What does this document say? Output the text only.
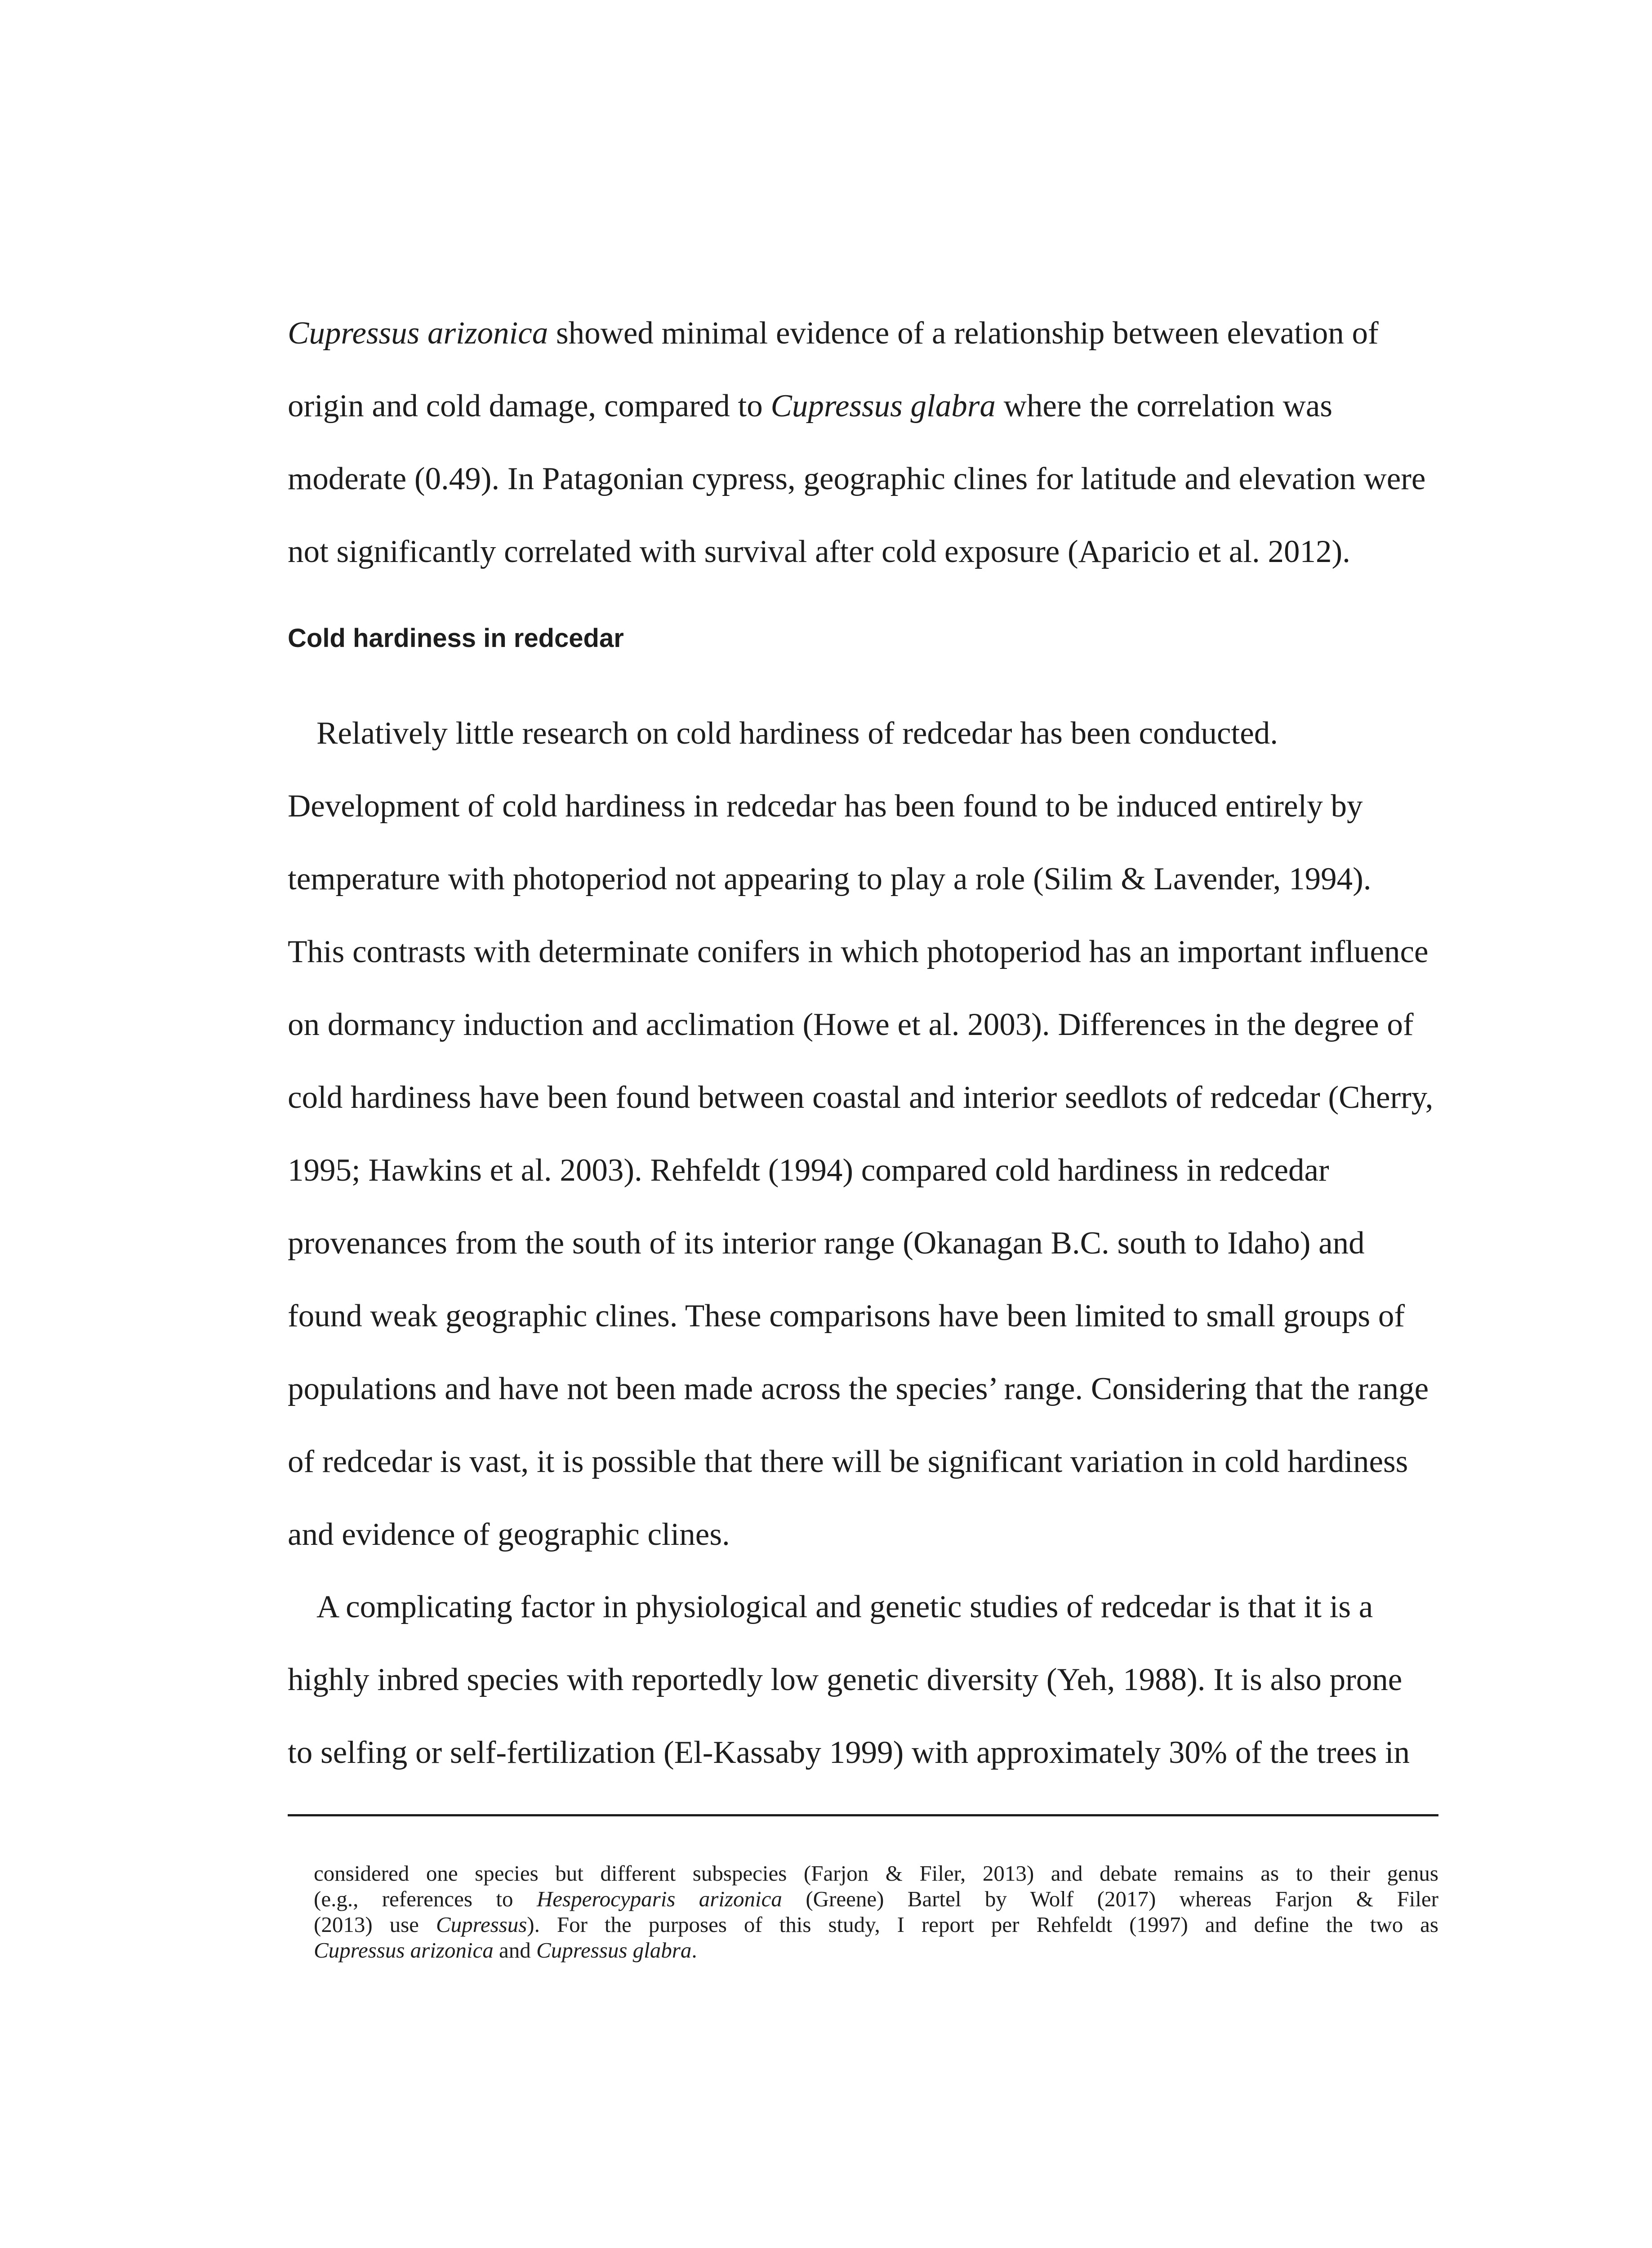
Cupressus arizonica showed minimal evidence of a relationship between elevation of
origin and cold damage, compared to Cupressus glabra where the correlation was
moderate (0.49). In Patagonian cypress, geographic clines for latitude and elevation were
not significantly correlated with survival after cold exposure (Aparicio et al. 2012).

Cold hardiness in redcedar

Relatively little research on cold hardiness of redcedar has been conducted.
Development of cold hardiness in redcedar has been found to be induced entirely by
temperature with photoperiod not appearing to play a role (Silim & Lavender, 1994).
This contrasts with determinate conifers in which photoperiod has an important influence
on dormancy induction and acclimation (Howe et al. 2003). Differences in the degree of
cold hardiness have been found between coastal and interior seedlots of redcedar (Cherry,
1995; Hawkins et al. 2003). Rehfeldt (1994) compared cold hardiness in redcedar
provenances from the south of its interior range (Okanagan B.C. south to Idaho) and
found weak geographic clines. These comparisons have been limited to small groups of
populations and have not been made across the species’ range. Considering that the range
of redcedar is vast, it is possible that there will be significant variation in cold hardiness
and evidence of geographic clines.

A complicating factor in physiological and genetic studies of redcedar is that it is a
highly inbred species with reportedly low genetic diversity (Yeh, 1988). It is also prone
to selfing or self-fertilization (El-Kassaby 1999) with approximately 30% of the trees in

considered one species but different subspecies (Farjon & Filer, 2013) and debate remains as to their genus
(e.g., references to Hesperocyparis arizonica (Greene) Bartel by Wolf (2017) whereas Farjon & Filer
(2013) use Cupressus). For the purposes of this study, I report per Rehfeldt (1997) and define the two as
Cupressus arizonica and Cupressus glabra.
